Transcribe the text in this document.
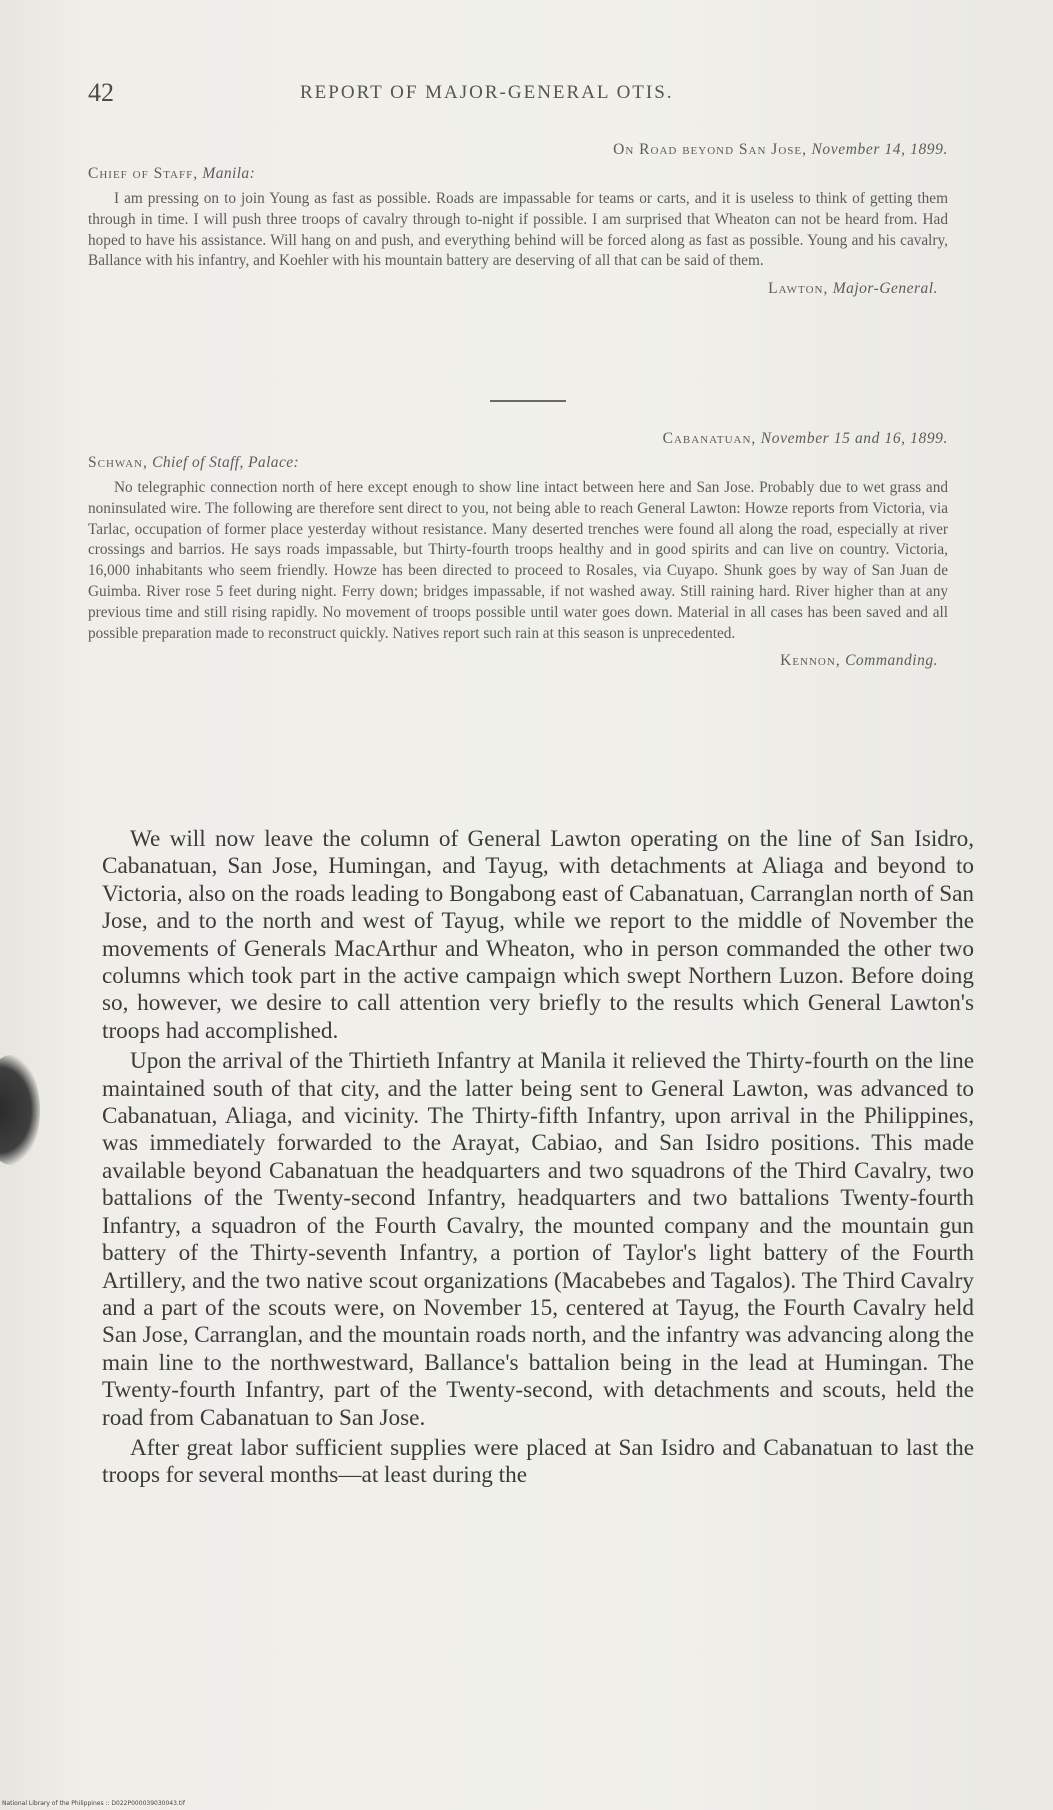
42	REPORT OF MAJOR-GENERAL OTIS.
On Road beyond San Jose, November 14, 1899.
Chief of Staff, Manila:

I am pressing on to join Young as fast as possible. Roads are impassable for teams or carts, and it is useless to think of getting them through in time. I will push three troops of cavalry through to-night if possible. I am surprised that Wheaton can not be heard from. Had hoped to have his assistance. Will hang on and push, and everything behind will be forced along as fast as possible. Young and his cavalry, Ballance with his infantry, and Koehler with his mountain battery are deserving of all that can be said of them.

Lawton, Major-General.
Cabanatuan, November 15 and 16, 1899.
Schwan, Chief of Staff, Palace:

No telegraphic connection north of here except enough to show line intact between here and San Jose. Probably due to wet grass and noninsulated wire. The following are therefore sent direct to you, not being able to reach General Lawton: Howze reports from Victoria, via Tarlac, occupation of former place yesterday without resistance. Many deserted trenches were found all along the road, especially at river crossings and barrios. He says roads impassable, but Thirty-fourth troops healthy and in good spirits and can live on country. Victoria, 16,000 inhabitants who seem friendly. Howze has been directed to proceed to Rosales, via Cuyapo. Shunk goes by way of San Juan de Guimba. River rose 5 feet during night. Ferry down; bridges impassable, if not washed away. Still raining hard. River higher than at any previous time and still rising rapidly. No movement of troops possible until water goes down. Material in all cases has been saved and all possible preparation made to reconstruct quickly. Natives report such rain at this season is unprecedented.

Kennon, Commanding.

We will now leave the column of General Lawton operating on the line of San Isidro, Cabanatuan, San Jose, Humingan, and Tayug, with detachments at Aliaga and beyond to Victoria, also on the roads leading to Bongabong east of Cabanatuan, Carranglan north of San Jose, and to the north and west of Tayug, while we report to the middle of November the movements of Generals MacArthur and Wheaton, who in person commanded the other two columns which took part in the active campaign which swept Northern Luzon. Before doing so, however, we desire to call attention very briefly to the results which General Lawton's troops had accomplished.

Upon the arrival of the Thirtieth Infantry at Manila it relieved the Thirty-fourth on the line maintained south of that city, and the latter being sent to General Lawton, was advanced to Cabanatuan, Aliaga, and vicinity. The Thirty-fifth Infantry, upon arrival in the Philippines, was immediately forwarded to the Arayat, Cabiao, and San Isidro positions. This made available beyond Cabanatuan the headquarters and two squadrons of the Third Cavalry, two battalions of the Twenty-second Infantry, headquarters and two battalions Twenty-fourth Infantry, a squadron of the Fourth Cavalry, the mounted company and the mountain gun battery of the Thirty-seventh Infantry, a portion of Taylor's light battery of the Fourth Artillery, and the two native scout organizations (Macabebes and Tagalos). The Third Cavalry and a part of the scouts were, on November 15, centered at Tayug, the Fourth Cavalry held San Jose, Carranglan, and the mountain roads north, and the infantry was advancing along the main line to the northwestward, Ballance's battalion being in the lead at Humingan. The Twenty-fourth Infantry, part of the Twenty-second, with detachments and scouts, held the road from Cabanatuan to San Jose.

After great labor sufficient supplies were placed at San Isidro and Cabanatuan to last the troops for several months—at least during the

National Library of the Philippines :: D022P000039030043.tif
